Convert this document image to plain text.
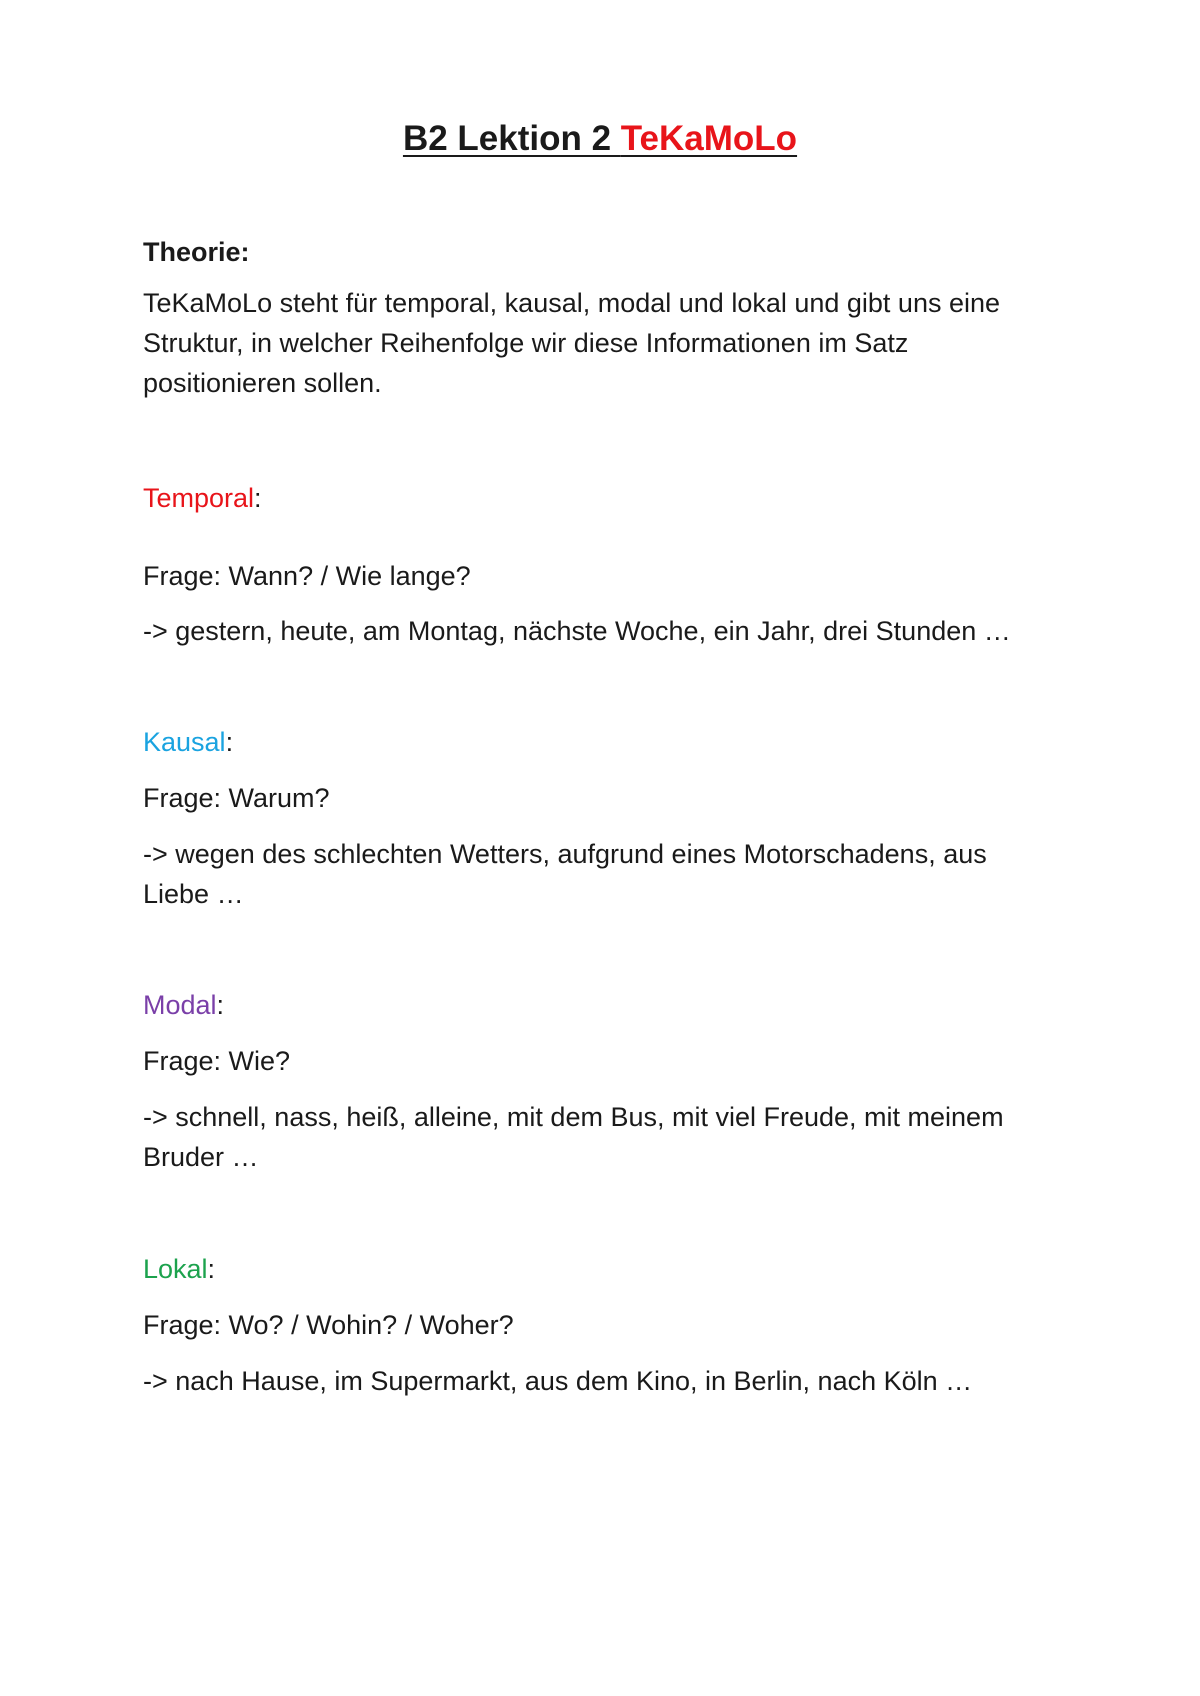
B2 Lektion 2 TeKaMoLo

Theorie:

TeKaMoLo steht für temporal, kausal, modal und lokal und gibt uns eine Struktur, in welcher Reihenfolge wir diese Informationen im Satz positionieren sollen.

Temporal:

Frage: Wann? / Wie lange?

-> gestern, heute, am Montag, nächste Woche, ein Jahr, drei Stunden …

Kausal:

Frage: Warum?

-> wegen des schlechten Wetters, aufgrund eines Motorschadens, aus Liebe …

Modal:

Frage: Wie?

-> schnell, nass, heiß, alleine, mit dem Bus, mit viel Freude, mit meinem Bruder …

Lokal:

Frage: Wo? / Wohin? / Woher?

-> nach Hause, im Supermarkt, aus dem Kino, in Berlin, nach Köln …
